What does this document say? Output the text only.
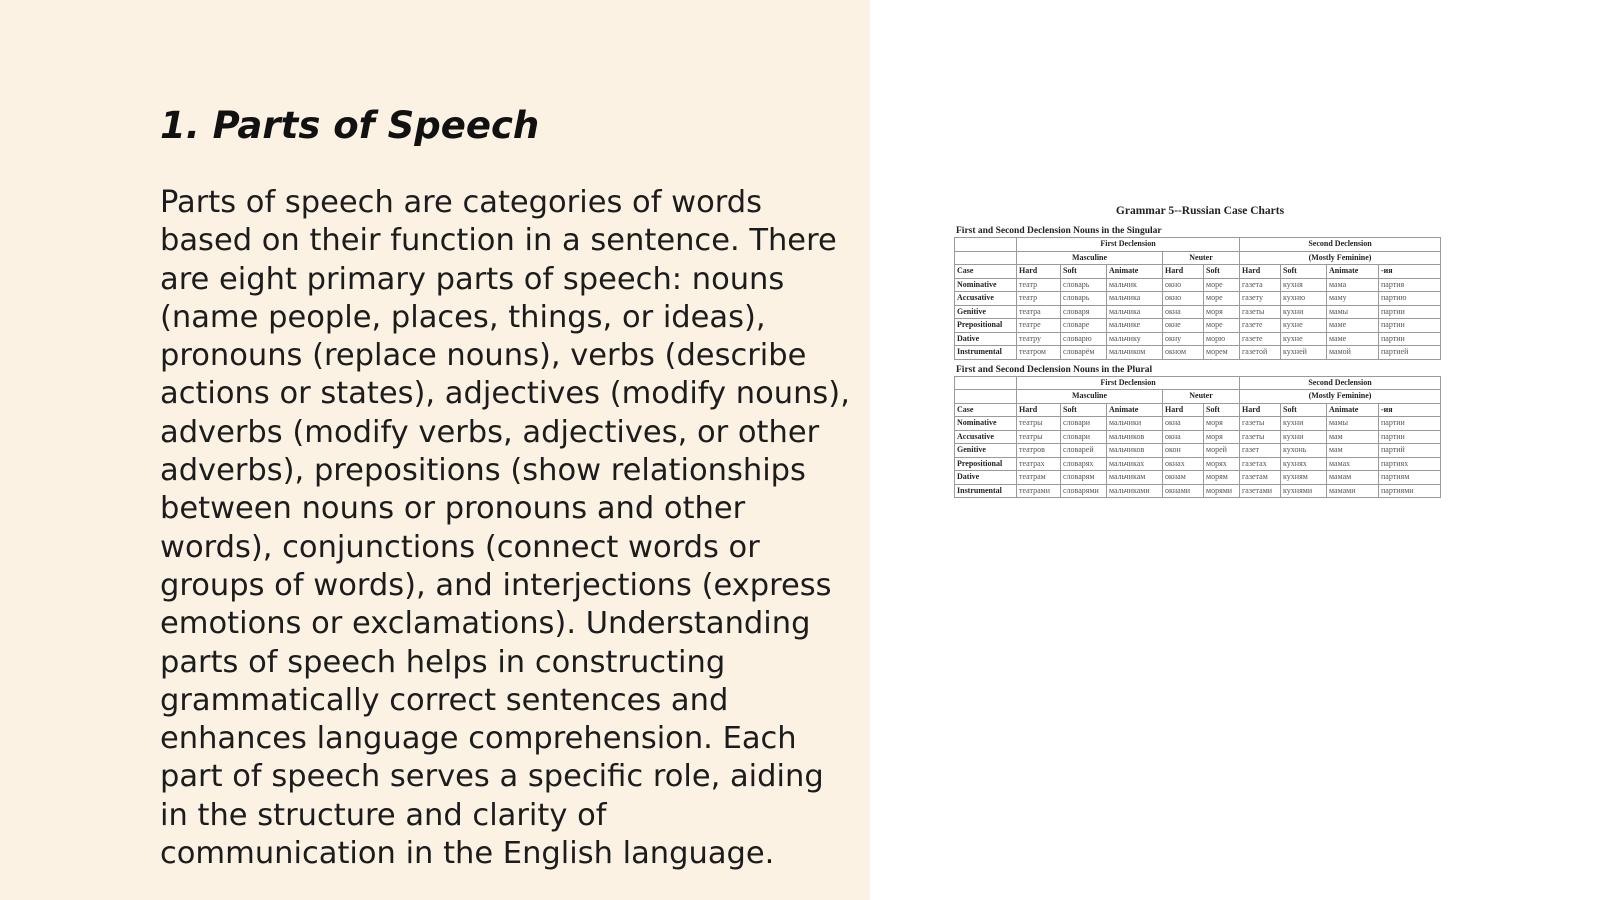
1. Parts of Speech

Parts of speech are categories of words based on their function in a sentence. There are eight primary parts of speech: nouns (name people, places, things, or ideas), pronouns (replace nouns), verbs (describe actions or states), adjectives (modify nouns), adverbs (modify verbs, adjectives, or other adverbs), prepositions (show relationships between nouns or pronouns and other words), conjunctions (connect words or groups of words), and interjections (express emotions or exclamations). Understanding parts of speech helps in constructing grammatically correct sentences and enhances language comprehension. Each part of speech serves a specific role, aiding in the structure and clarity of communication in the English language.

Grammar 5--Russian Case Charts
First and Second Declension Nouns in the Singular
	First Declension					Second Declension			
	Masculine			Neuter		(Mostly Feminine)			
Case	Hard	Soft	Animate	Hard	Soft	Hard	Soft	Animate	-ия
Nominative	театр	словарь	мальчик	окно	море	газета	кухня	мама	партия
Accusative	театр	словарь	мальчика	окно	море	газету	кухню	маму	партию
Genitive	театра	словаря	мальчика	окна	моря	газеты	кухни	мамы	партии
Prepositional	театре	словаре	мальчике	окне	море	газете	кухне	маме	партии
Dative	театру	словарю	мальчику	окну	морю	газете	кухне	маме	партии
Instrumental	театром	словарём	мальчиком	окном	морем	газетой	кухней	мамой	партией
First and Second Declension Nouns in the Plural
	First Declension					Second Declension			
	Masculine			Neuter		(Mostly Feminine)			
Case	Hard	Soft	Animate	Hard	Soft	Hard	Soft	Animate	-ия
Nominative	театры	словари	мальчики	окна	моря	газеты	кухни	мамы	партии
Accusative	театры	словари	мальчиков	окна	моря	газеты	кухни	мам	партии
Genitive	театров	словарей	мальчиков	окон	морей	газет	кухонь	мам	партий
Prepositional	театрах	словарях	мальчиках	окнах	морях	газетах	кухнях	мамах	партиях
Dative	театрам	словарям	мальчикам	окнам	морям	газетам	кухням	мамам	партиям
Instrumental	театрами	словарями	мальчиками	окнами	морями	газетами	кухнями	мамами	партиями
